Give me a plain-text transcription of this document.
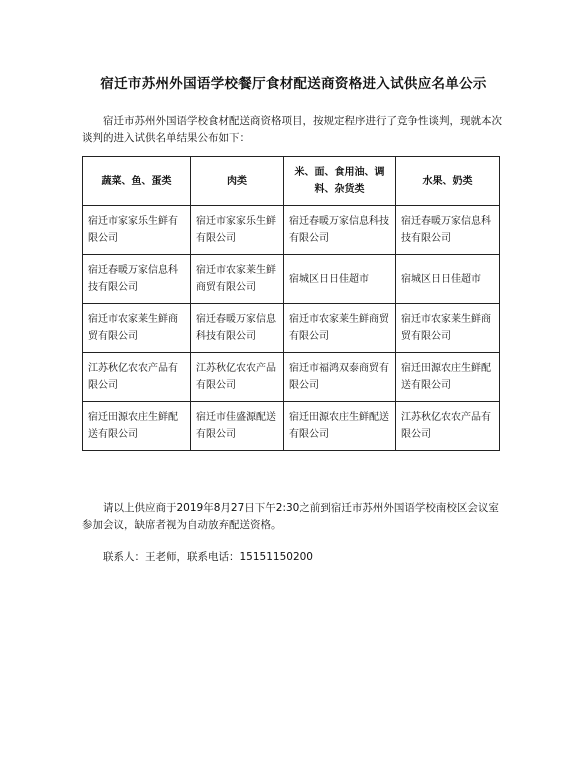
宿迁市苏州外国语学校餐厅食材配送商资格进入试供应名单公示
宿迁市苏州外国语学校食材配送商资格项目，按规定程序进行了竞争性谈判，现就本次谈判的进入试供名单结果公布如下：
蔬菜、鱼、蛋类	肉类	米、面、食用油、调料、杂货类	水果、奶类
宿迁市家家乐生鲜有限公司	宿迁市家家乐生鲜有限公司	宿迁春暖万家信息科技有限公司	宿迁春暖万家信息科技有限公司
宿迁春暖万家信息科技有限公司	宿迁市农家莱生鲜商贸有限公司	宿城区日日佳超市	宿城区日日佳超市
宿迁市农家莱生鲜商贸有限公司	宿迁春暖万家信息科技有限公司	宿迁市农家莱生鲜商贸有限公司	宿迁市农家莱生鲜商贸有限公司
江苏秋亿农农产品有限公司	江苏秋亿农农产品有限公司	宿迁市福鸿双泰商贸有限公司	宿迁田源农庄生鲜配送有限公司
宿迁田源农庄生鲜配送有限公司	宿迁市佳盛源配送有限公司	宿迁田源农庄生鲜配送有限公司	江苏秋亿农农产品有限公司
请以上供应商于2019年8月27日下午2:30之前到宿迁市苏州外国语学校南校区会议室参加会议，缺席者视为自动放弃配送资格。
联系人：王老师，联系电话：15151150200
